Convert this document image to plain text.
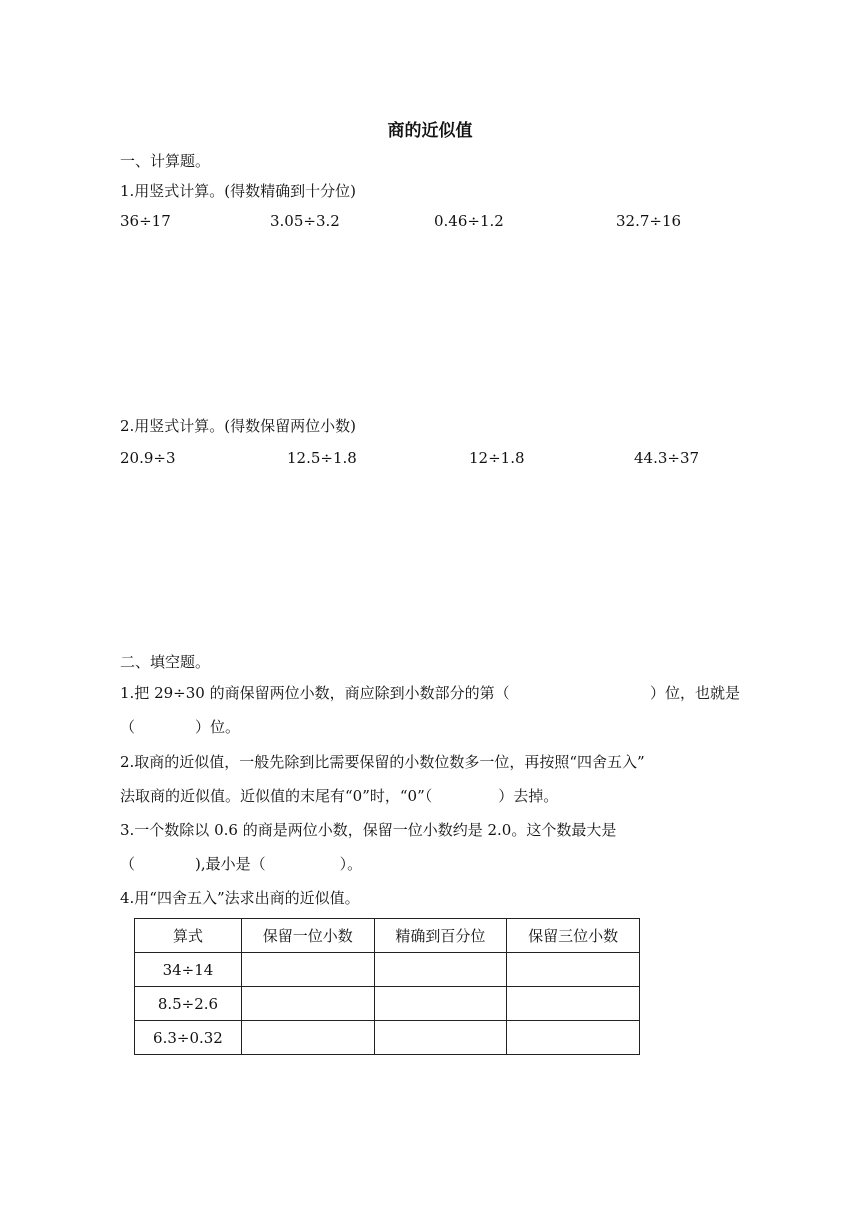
商的近似值
一、计算题。
1.用竖式计算。(得数精确到十分位)
36÷17	3.05÷3.2	0.46÷1.2	32.7÷16
2.用竖式计算。(得数保留两位小数)
20.9÷3	12.5÷1.8	12÷1.8	44.3÷37
二、填空题。
1.把 29÷30 的商保留两位小数，商应除到小数部分的第（	）位，也就是
（	）位。
2.取商的近似值，一般先除到比需要保留的小数位数多一位，再按照“四舍五入”
法取商的近似值。近似值的末尾有“0”时，“0”（	）去掉。
3.一个数除以 0.6 的商是两位小数，保留一位小数约是 2.0。这个数最大是
（	),最小是（	）。
4.用“四舍五入”法求出商的近似值。
算式	保留一位小数	精确到百分位	保留三位小数
34÷14			
8.5÷2.6			
6.3÷0.32			
